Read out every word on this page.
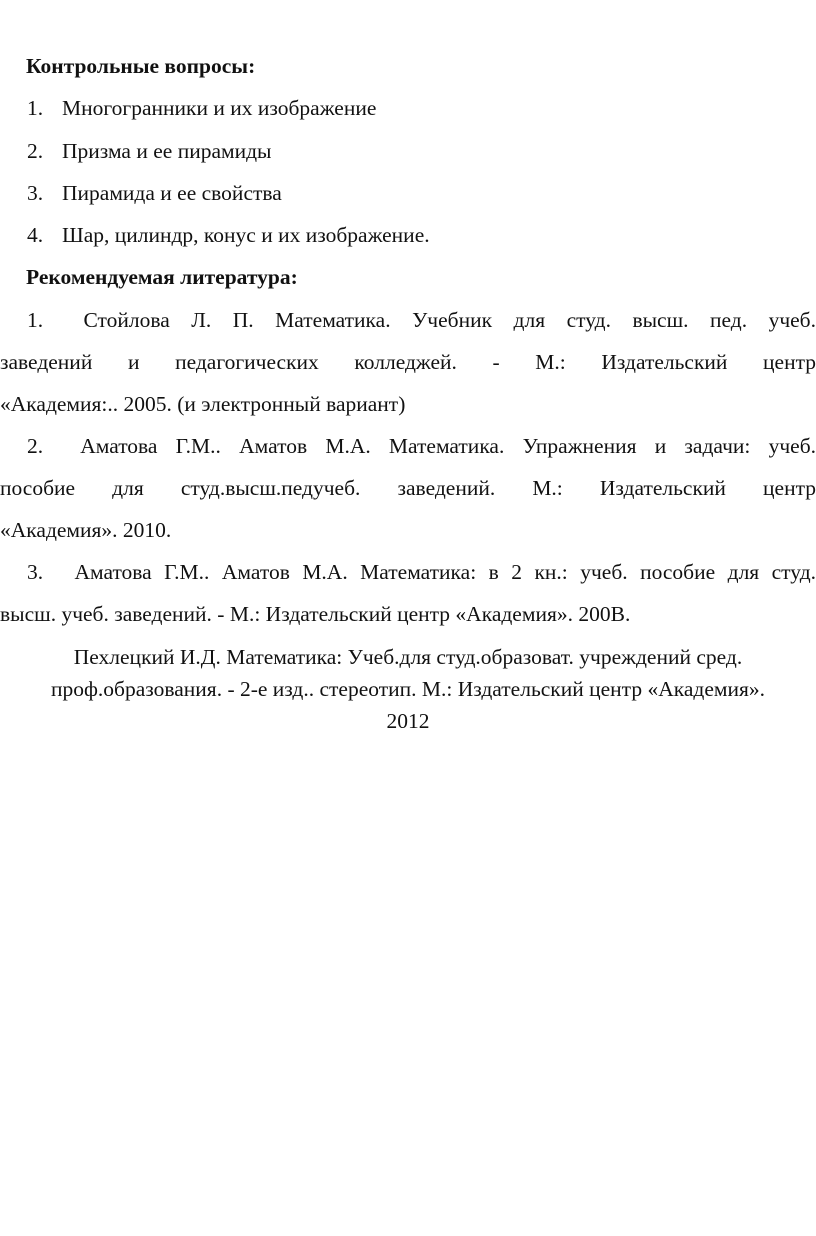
Контрольные вопросы:
1. Многогранники и их изображение
2. Призма и ее пирамиды
3. Пирамида и ее свойства
4. Шар, цилиндр, конус и их изображение.
Рекомендуемая литература:
1. Стойлова Л. П. Математика. Учебник для студ. высш. пед. учеб.
заведений и педагогических колледжей. - М.: Издательский центр
«Академия:.. 2005. (и электронный вариант)
2. Аматова Г.М.. Аматов М.А. Математика. Упражнения и задачи: учеб.
пособие для студ.высш.педучеб. заведений. М.: Издательский центр
«Академия». 2010.
3. Аматова Г.М.. Аматов М.А. Математика: в 2 кн.: учеб. пособие для студ.
высш. учеб. заведений. - М.: Издательский центр «Академия». 200В.
Пехлецкий И.Д. Математика: Учеб.для студ.образоват. учреждений сред.
проф.образования. - 2-е изд.. стереотип. М.: Издательский центр «Академия».
2012
